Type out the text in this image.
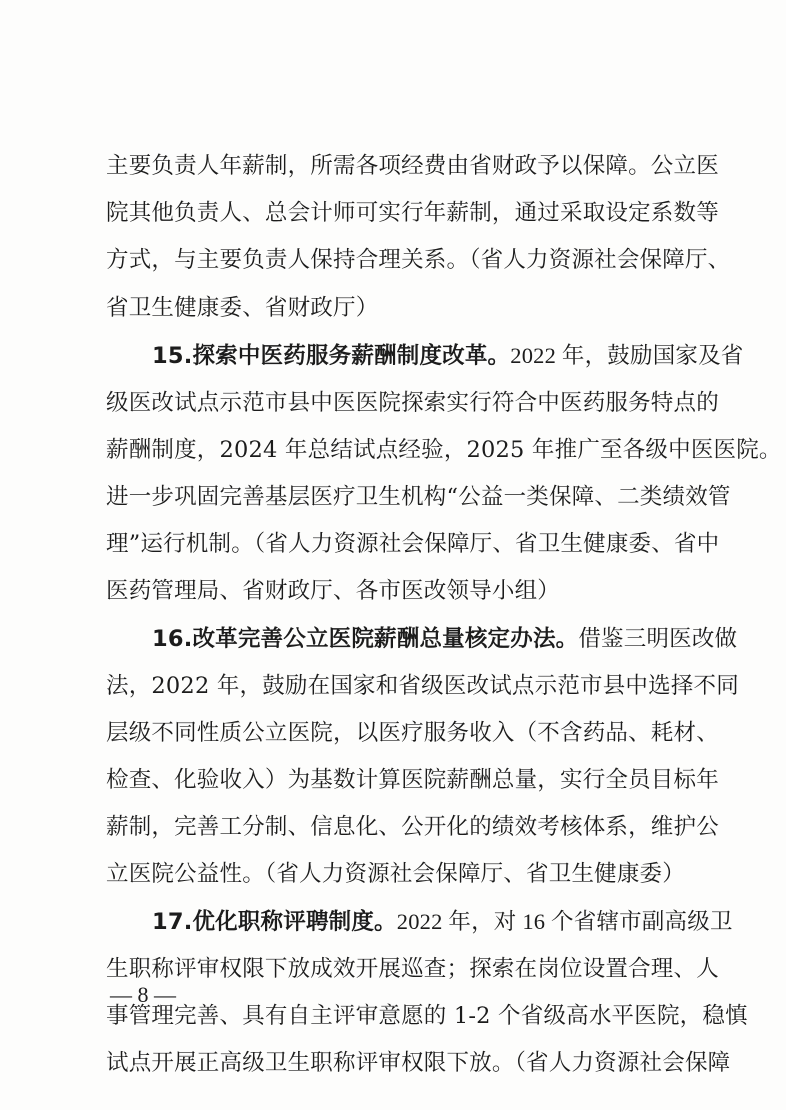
主要负责人年薪制，所需各项经费由省财政予以保障。公立医
院其他负责人、总会计师可实行年薪制，通过采取设定系数等
方式，与主要负责人保持合理关系。（省人力资源社会保障厅、
省卫生健康委、省财政厅）
15.探索中医药服务薪酬制度改革。2022 年，鼓励国家及省
级医改试点示范市县中医医院探索实行符合中医药服务特点的
薪酬制度，2024 年总结试点经验，2025 年推广至各级中医医院。
进一步巩固完善基层医疗卫生机构“公益一类保障、二类绩效管
理”运行机制。（省人力资源社会保障厅、省卫生健康委、省中
医药管理局、省财政厅、各市医改领导小组）
16.改革完善公立医院薪酬总量核定办法。借鉴三明医改做
法，2022 年，鼓励在国家和省级医改试点示范市县中选择不同
层级不同性质公立医院，以医疗服务收入（不含药品、耗材、
检查、化验收入）为基数计算医院薪酬总量，实行全员目标年
薪制，完善工分制、信息化、公开化的绩效考核体系，维护公
立医院公益性。（省人力资源社会保障厅、省卫生健康委）
17.优化职称评聘制度。2022 年，对 16 个省辖市副高级卫
生职称评审权限下放成效开展巡查；探索在岗位设置合理、人
事管理完善、具有自主评审意愿的 1-2 个省级高水平医院，稳慎
试点开展正高级卫生职称评审权限下放。（省人力资源社会保障
— 8 —
